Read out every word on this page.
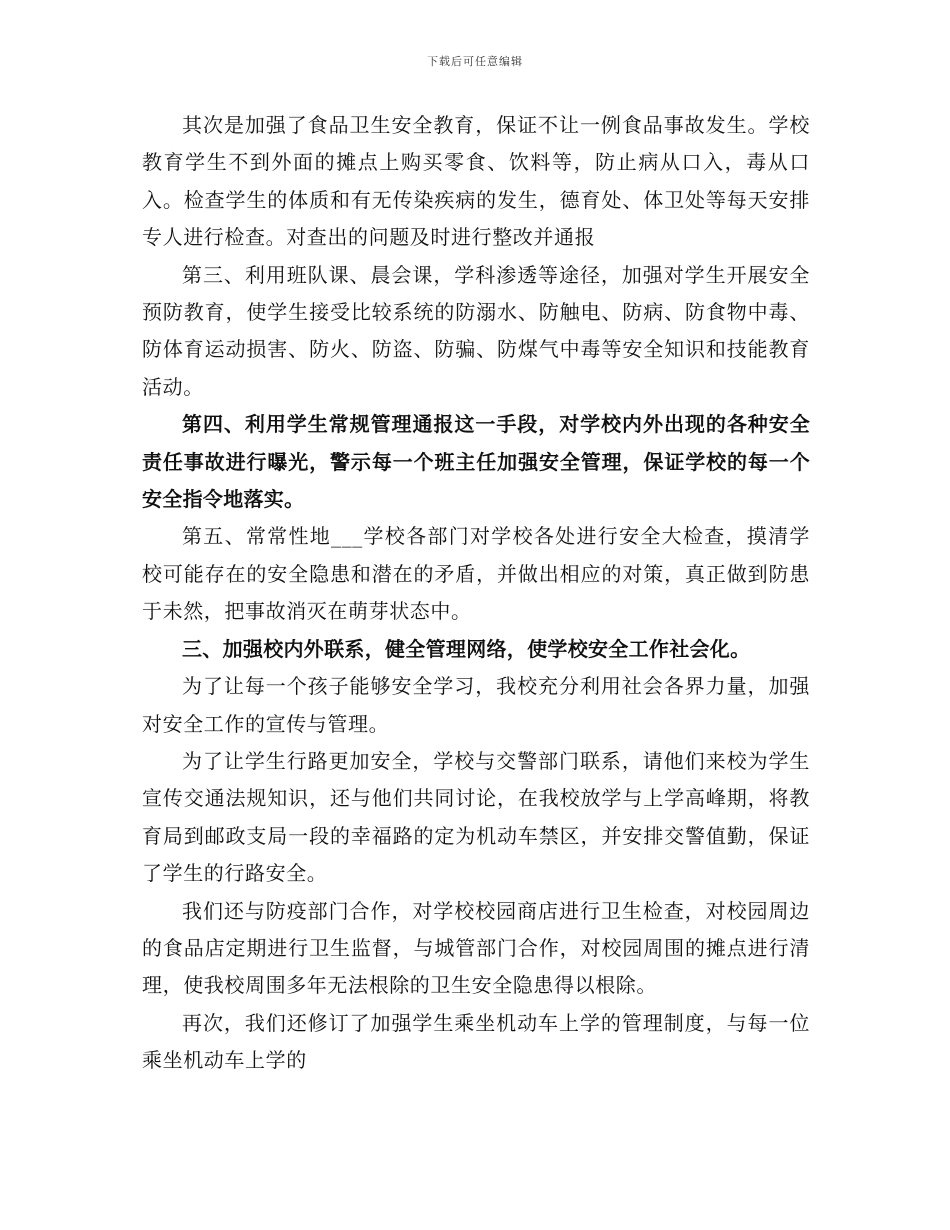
下载后可任意编辑

其次是加强了食品卫生安全教育，保证不让一例食品事故发生。学校教育学生不到外面的摊点上购买零食、饮料等，防止病从口入，毒从口入。检查学生的体质和有无传染疾病的发生，德育处、体卫处等每天安排专人进行检查。对查出的问题及时进行整改并通报

第三、利用班队课、晨会课，学科渗透等途径，加强对学生开展安全预防教育，使学生接受比较系统的防溺水、防触电、防病、防食物中毒、防体育运动损害、防火、防盗、防骗、防煤气中毒等安全知识和技能教育活动。

第四、利用学生常规管理通报这一手段，对学校内外出现的各种安全责任事故进行曝光，警示每一个班主任加强安全管理，保证学校的每一个安全指令地落实。

第五、常常性地___学校各部门对学校各处进行安全大检查，摸清学校可能存在的安全隐患和潜在的矛盾，并做出相应的对策，真正做到防患于未然，把事故消灭在萌芽状态中。

三、加强校内外联系，健全管理网络，使学校安全工作社会化。

为了让每一个孩子能够安全学习，我校充分利用社会各界力量，加强对安全工作的宣传与管理。

为了让学生行路更加安全，学校与交警部门联系，请他们来校为学生宣传交通法规知识，还与他们共同讨论，在我校放学与上学高峰期，将教育局到邮政支局一段的幸福路的定为机动车禁区，并安排交警值勤，保证了学生的行路安全。

我们还与防疫部门合作，对学校校园商店进行卫生检查，对校园周边的食品店定期进行卫生监督，与城管部门合作，对校园周围的摊点进行清理，使我校周围多年无法根除的卫生安全隐患得以根除。

再次，我们还修订了加强学生乘坐机动车上学的管理制度，与每一位乘坐机动车上学的
